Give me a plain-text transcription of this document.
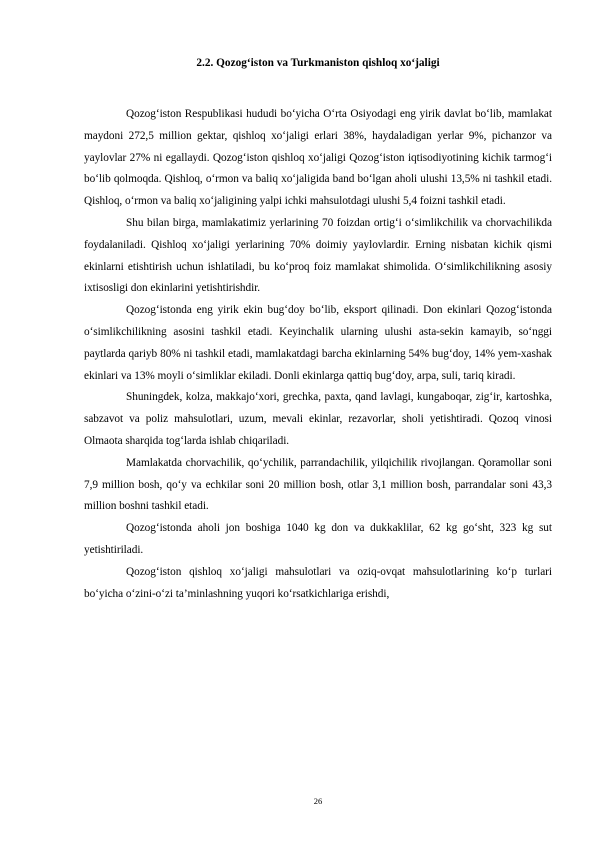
2.2. Qozog‘iston va Turkmaniston qishloq xo‘jaligi

Qozog‘iston Respublikasi hududi bo‘yicha O‘rta Osiyodagi eng yirik davlat bo‘lib, mamlakat maydoni 272,5 million gektar, qishloq xo‘jaligi erlari 38%, haydaladigan yerlar 9%, pichanzor va yaylovlar 27% ni egallaydi. Qozog‘iston qishloq xo‘jaligi Qozog‘iston iqtisodiyotining kichik tarmog‘i bo‘lib qolmoqda. Qishloq, o‘rmon va baliq xo‘jaligida band bo‘lgan aholi ulushi 13,5% ni tashkil etadi. Qishloq, o‘rmon va baliq xo‘jaligining yalpi ichki mahsulotdagi ulushi 5,4 foizni tashkil etadi.

Shu bilan birga, mamlakatimiz yerlarining 70 foizdan ortig‘i o‘simlikchilik va chorvachilikda foydalaniladi. Qishloq xo‘jaligi yerlarining 70% doimiy yaylovlardir. Erning nisbatan kichik qismi ekinlarni etishtirish uchun ishlatiladi, bu ko‘proq foiz mamlakat shimolida. O‘simlikchilikning asosiy ixtisosligi don ekinlarini yetishtirishdir.

Qozog‘istonda eng yirik ekin bug‘doy bo‘lib, eksport qilinadi. Don ekinlari Qozog‘istonda o‘simlikchilikning asosini tashkil etadi. Keyinchalik ularning ulushi asta-sekin kamayib, so‘nggi paytlarda qariyb 80% ni tashkil etadi, mamlakatdagi barcha ekinlarning 54% bug‘doy, 14% yem-xashak ekinlari va 13% moyli o‘simliklar ekiladi. Donli ekinlarga qattiq bug‘doy, arpa, suli, tariq kiradi.

Shuningdek, kolza, makkajo‘xori, grechka, paxta, qand lavlagi, kungaboqar, zig‘ir, kartoshka, sabzavot va poliz mahsulotlari, uzum, mevali ekinlar, rezavorlar, sholi yetishtiradi. Qozoq vinosi Olmaota sharqida tog‘larda ishlab chiqariladi.

Mamlakatda chorvachilik, qo‘ychilik, parrandachilik, yilqichilik rivojlangan. Qoramollar soni 7,9 million bosh, qo‘y va echkilar soni 20 million bosh, otlar 3,1 million bosh, parrandalar soni 43,3 million boshni tashkil etadi.

Qozog‘istonda aholi jon boshiga 1040 kg don va dukkaklilar, 62 kg go‘sht, 323 kg sut yetishtiriladi.

Qozog‘iston qishloq xo‘jaligi mahsulotlari va oziq-ovqat mahsulotlarining ko‘p turlari bo‘yicha o‘zini-o‘zi ta’minlashning yuqori ko‘rsatkichlariga erishdi,

26
